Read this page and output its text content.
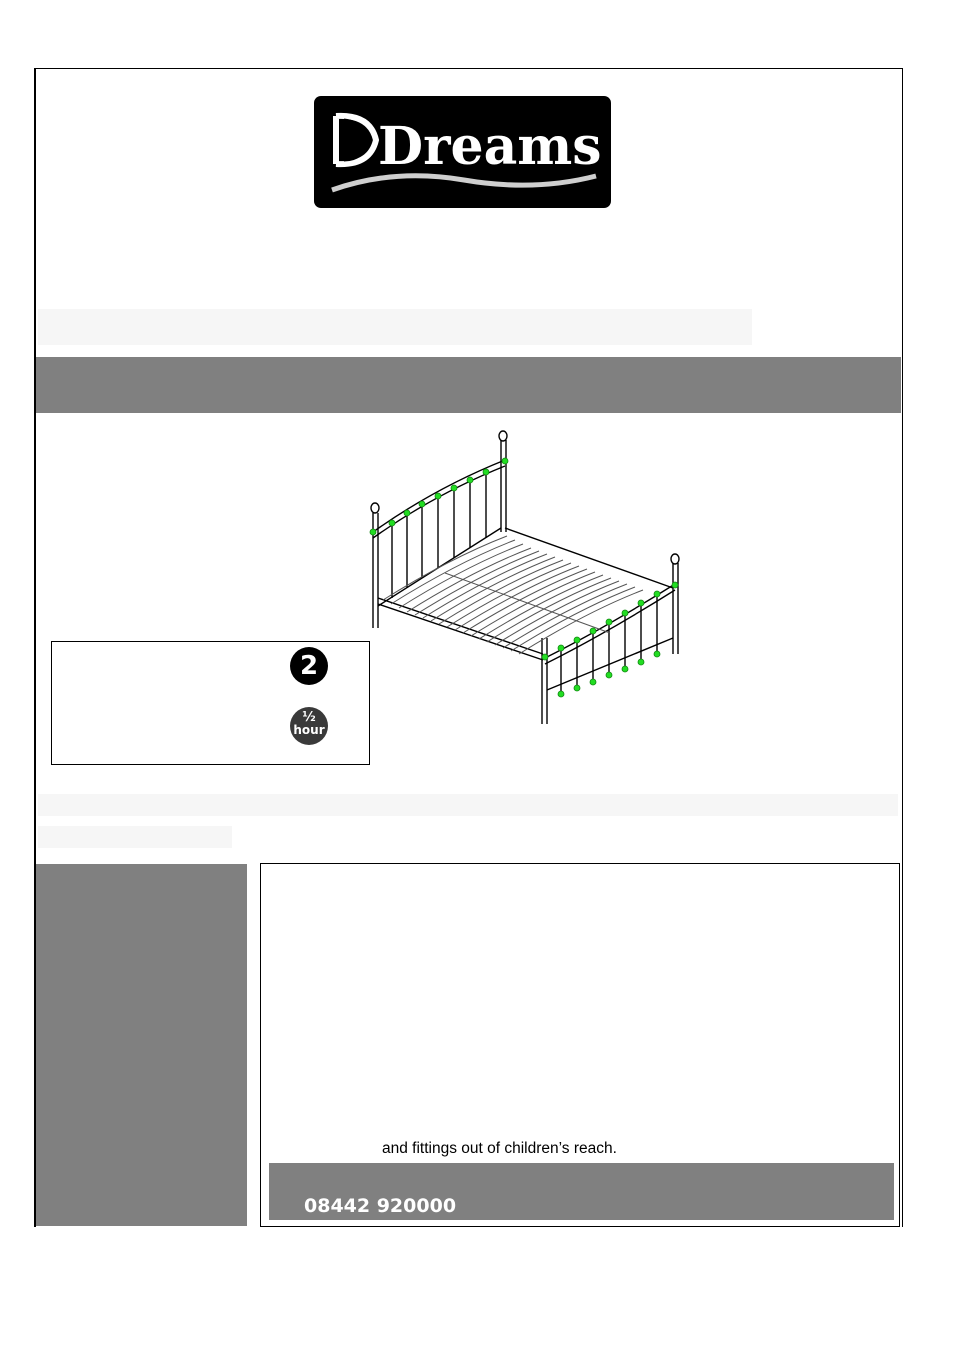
Dreams
2
½
hour
and fittings out of children’s reach.
08442 920000
